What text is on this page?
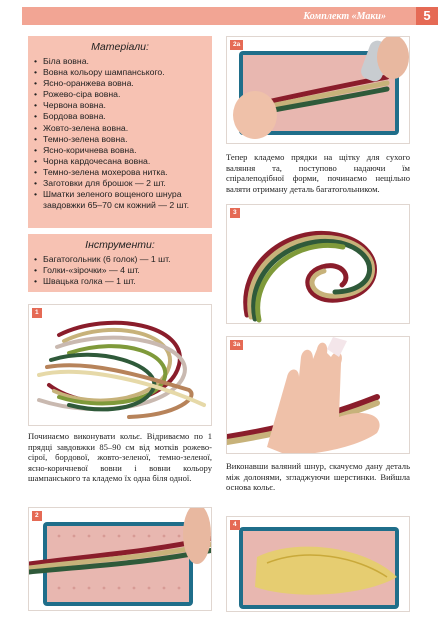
Комплект «Маки»	5
Матеріали:
• Біла вовна.
• Вовна кольору шампанського.
• Ясно-оранжева вовна.
• Рожево-сіра вовна.
• Червона вовна.
• Бордова вовна.
• Жовто-зелена вовна.
• Темно-зелена вовна.
• Ясно-коричнева вовна.
• Чорна кардочесана вовна.
• Темно-зелена мохерова нитка.
• Заготовки для брошок — 2 шт.
• Шматки зеленого вощеного шнура завдовжки 65–70 см кожний — 2 шт.
Інструменти:
• Багатогольник (6 голок) — 1 шт.
• Голки-«зірочки» — 4 шт.
• Швацька голка — 1 шт.
1

Починаємо виконувати кольє. Відриваємо по 1 прядці завдовжки 85–90 см від мотків рожево-сірої, бордової, жовто-зеленої, темно-зеленої, ясно-коричневої вовни і вовни кольору шампанського та кладемо їх одна біля одної.

2
2а

Тепер кладемо прядки на щітку для сухого валяння та, поступово надаючи їм спіралеподібної форми, починаємо нещільно валяти отриману деталь багатогольником.

3
3а

Виконавши валяний шнур, скачуємо дану деталь між долонями, згладжуючи шерстинки. Вийшла основа кольє.

4
